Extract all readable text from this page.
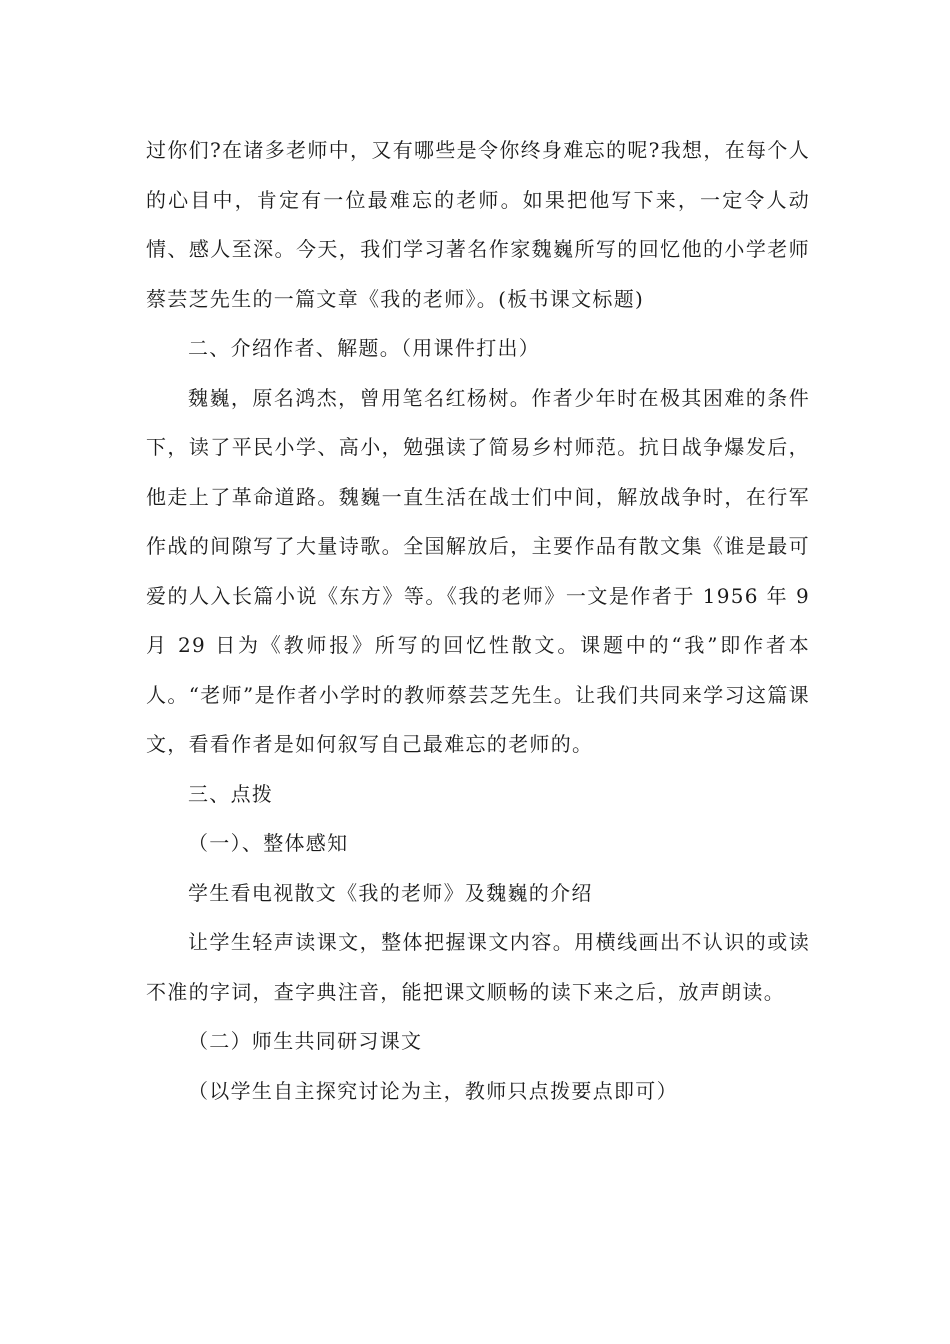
过你们?在诸多老师中，又有哪些是令你终身难忘的呢?我想，在每个人的心目中，肯定有一位最难忘的老师。如果把他写下来，一定令人动情、感人至深。今天，我们学习著名作家魏巍所写的回忆他的小学老师蔡芸芝先生的一篇文章《我的老师》。(板书课文标题)

二、介绍作者、解题。（用课件打出）

魏巍，原名鸿杰，曾用笔名红杨树。作者少年时在极其困难的条件下，读了平民小学、高小，勉强读了简易乡村师范。抗日战争爆发后，他走上了革命道路。魏巍一直生活在战士们中间，解放战争时，在行军作战的间隙写了大量诗歌。全国解放后，主要作品有散文集《谁是最可爱的人入长篇小说《东方》等。《我的老师》一文是作者于 1956 年 9 月 29 日为《教师报》所写的回忆性散文。课题中的“我”即作者本人。“老师”是作者小学时的教师蔡芸芝先生。让我们共同来学习这篇课文，看看作者是如何叙写自己最难忘的老师的。

三、点拨

（一）、整体感知

学生看电视散文《我的老师》及魏巍的介绍

让学生轻声读课文，整体把握课文内容。用横线画出不认识的或读不准的字词，查字典注音，能把课文顺畅的读下来之后，放声朗读。

（二）师生共同研习课文

（以学生自主探究讨论为主，教师只点拨要点即可）
